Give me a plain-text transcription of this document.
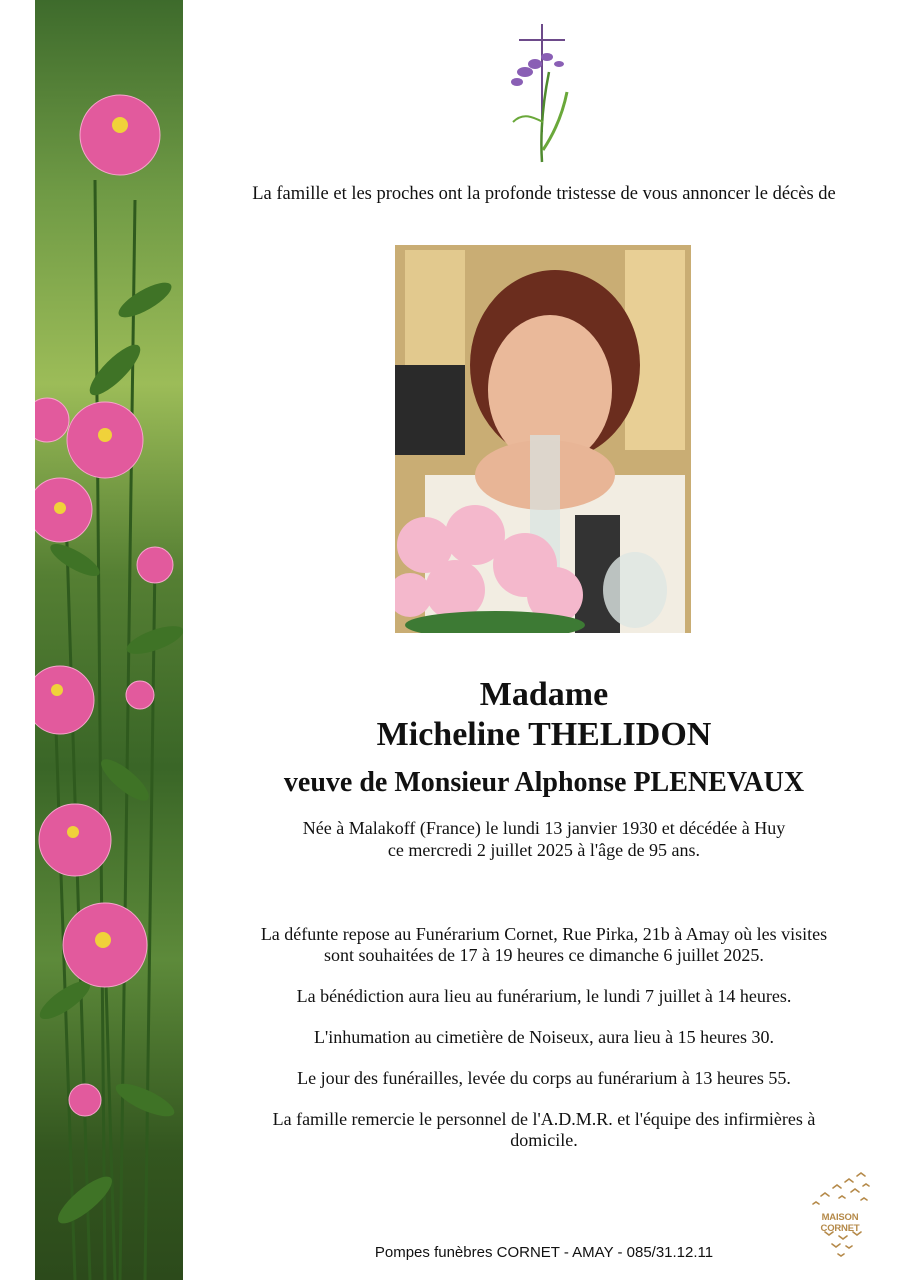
La famille et les proches ont la profonde tristesse de vous annoncer le décès de
Madame
Micheline THELIDON
veuve de Monsieur Alphonse PLENEVAUX
Née à Malakoff (France) le lundi 13 janvier 1930 et décédée à Huy
ce mercredi 2 juillet 2025 à l'âge de 95 ans.

La défunte repose au Funérarium Cornet, Rue Pirka, 21b à Amay où les visites
sont souhaitées de 17 à 19 heures ce dimanche 6 juillet 2025.

La bénédiction aura lieu au funérarium, le lundi 7 juillet à 14 heures.

L'inhumation au cimetière de Noiseux, aura lieu à 15 heures 30.

Le jour des funérailles, levée du corps au funérarium à 13 heures 55.

La famille remercie le personnel de l'A.D.M.R. et l'équipe des infirmières à
domicile.

Pompes funèbres CORNET - AMAY - 085/31.12.11
MAISON CORNET
